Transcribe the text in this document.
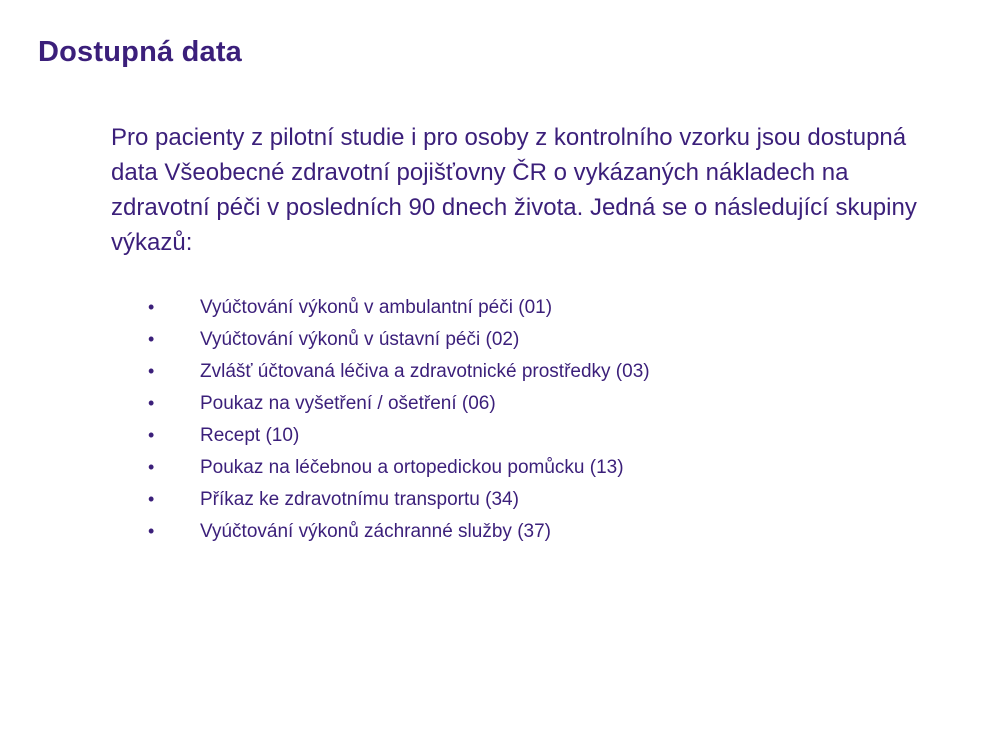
Dostupná data

Pro pacienty z pilotní studie i pro osoby z kontrolního vzorku jsou dostupná data Všeobecné zdravotní pojišťovny ČR o vykázaných nákladech na zdravotní péči v posledních 90 dnech života. Jedná se o následující skupiny výkazů:

•	Vyúčtování výkonů v ambulantní péči (01)
•	Vyúčtování výkonů v ústavní péči (02)
•	Zvlášť účtovaná léčiva a zdravotnické prostředky (03)
•	Poukaz na vyšetření / ošetření (06)
•	Recept (10)
•	Poukaz na léčebnou a ortopedickou pomůcku (13)
•	Příkaz ke zdravotnímu transportu (34)
•	Vyúčtování výkonů záchranné služby (37)
